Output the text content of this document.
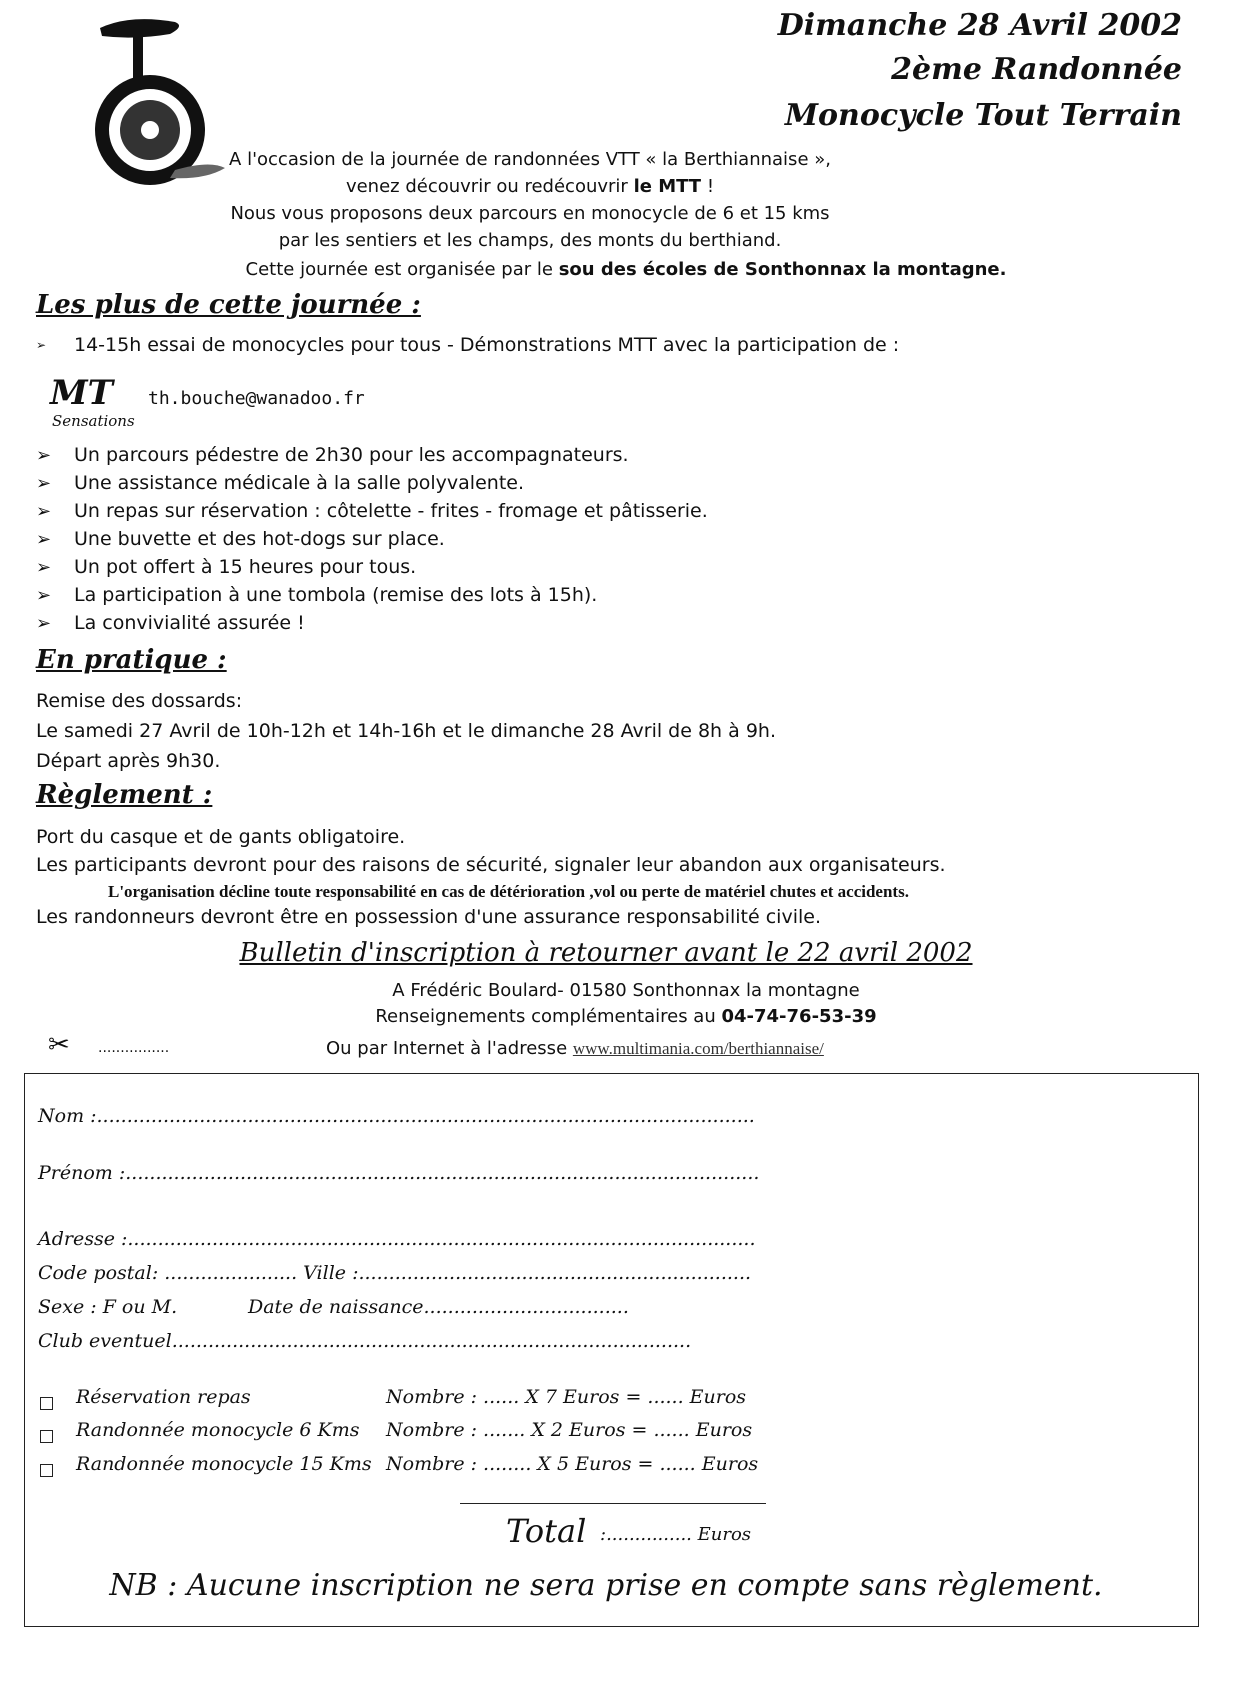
Dimanche 28 Avril 2002
2ème Randonnée
Monocycle Tout Terrain
A l'occasion de la journée de randonnées VTT « la Berthiannaise »,
venez découvrir ou redécouvrir le MTT !
Nous vous proposons deux parcours en monocycle de 6 et 15 kms
par les sentiers et les champs, des monts du berthiand.
Cette journée est organisée par le sou des écoles de Sonthonnax la montagne.
Les plus de cette journée :
➢	14-15h essai de monocycles pour tous - Démonstrations MTT avec la participation de :
MT
Sensations
th.bouche@wanadoo.fr
➢	Un parcours pédestre de 2h30 pour les accompagnateurs.
➢	Une assistance médicale à la salle polyvalente.
➢	Un repas sur réservation : côtelette - frites - fromage et pâtisserie.
➢	Une buvette et des hot-dogs sur place.
➢	Un pot offert à 15 heures pour tous.
➢	La participation à une tombola (remise des lots à 15h).
➢	La convivialité assurée !
En pratique :
Remise des dossards:
Le samedi 27 Avril de 10h-12h et 14h-16h et le dimanche 28 Avril de 8h à 9h.
Départ après 9h30.
Règlement :
Port du casque et de gants obligatoire.
Les participants devront pour des raisons de sécurité, signaler leur abandon aux organisateurs.
L'organisation décline toute responsabilité en cas de détérioration ,vol ou perte de matériel chutes et accidents.
Les randonneurs devront être en possession d'une assurance responsabilité civile.
Bulletin d'inscription à retourner avant le 22 avril 2002
A Frédéric Boulard- 01580 Sonthonnax la montagne
Renseignements complémentaires au 04-74-76-53-39
✂ ................	Ou par Internet à l'adresse www.multimania.com/berthiannaise/
Nom :.............................................................................................................
Prénom :.........................................................................................................
Adresse :........................................................................................................
Code postal: ...................... Ville :.................................................................
Sexe : F ou M.	Date de naissance..................................
Club eventuel......................................................................................
Réservation repas	Nombre : ...... X 7 Euros = ...... Euros
Randonnée monocycle 6 Kms Nombre : ....... X 2 Euros = ...... Euros
Randonnée monocycle 15 Kms Nombre : ........ X 5 Euros = ...... Euros
Total :............... Euros
NB : Aucune inscription ne sera prise en compte sans règlement.
